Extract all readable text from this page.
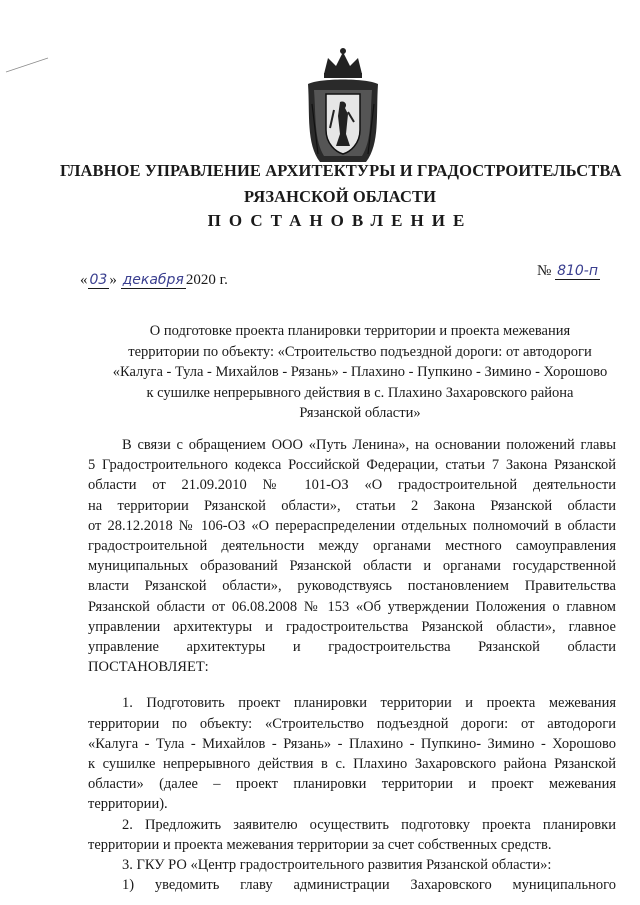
ГЛАВНОЕ УПРАВЛЕНИЕ АРХИТЕКТУРЫ И ГРАДОСТРОИТЕЛЬСТВА
РЯЗАНСКОЙ ОБЛАСТИ
ПОСТАНОВЛЕНИЕ
« 03 » декабря 2020 г.
№ 810-п
О подготовке проекта планировки территории и проекта межевания
территории по объекту: «Строительство подъездной дороги: от автодороги
«Калуга - Тула - Михайлов - Рязань» - Плахино - Пупкино - Зимино - Хорошово
к сушилке непрерывного действия в с. Плахино Захаровского района
Рязанской области»
В связи с обращением ООО «Путь Ленина», на основании положений главы
5 Градостроительного кодекса Российской Федерации, статьи 7 Закона Рязанской
области от 21.09.2010 № 101-ОЗ «О градостроительной деятельности
на территории Рязанской области», статьи 2 Закона Рязанской области
от 28.12.2018 № 106-ОЗ «О перераспределении отдельных полномочий в области
градостроительной деятельности между органами местного самоуправления
муниципальных образований Рязанской области и органами государственной
власти Рязанской области», руководствуясь постановлением Правительства
Рязанской области от 06.08.2008 № 153 «Об утверждении Положения о главном
управлении архитектуры и градостроительства Рязанской области», главное
управление архитектуры и градостроительства Рязанской области
ПОСТАНОВЛЯЕТ:
1. Подготовить проект планировки территории и проекта межевания
территории по объекту: «Строительство подъездной дороги: от автодороги
«Калуга - Тула - Михайлов - Рязань» - Плахино - Пупкино- Зимино - Хорошово
к сушилке непрерывного действия в с. Плахино Захаровского района Рязанской
области» (далее – проект планировки территории и проект межевания
территории).
2. Предложить заявителю осуществить подготовку проекта планировки
территории и проекта межевания территории за счет собственных средств.
3. ГКУ РО «Центр градостроительного развития Рязанской области»:
1) уведомить главу администрации Захаровского муниципального
